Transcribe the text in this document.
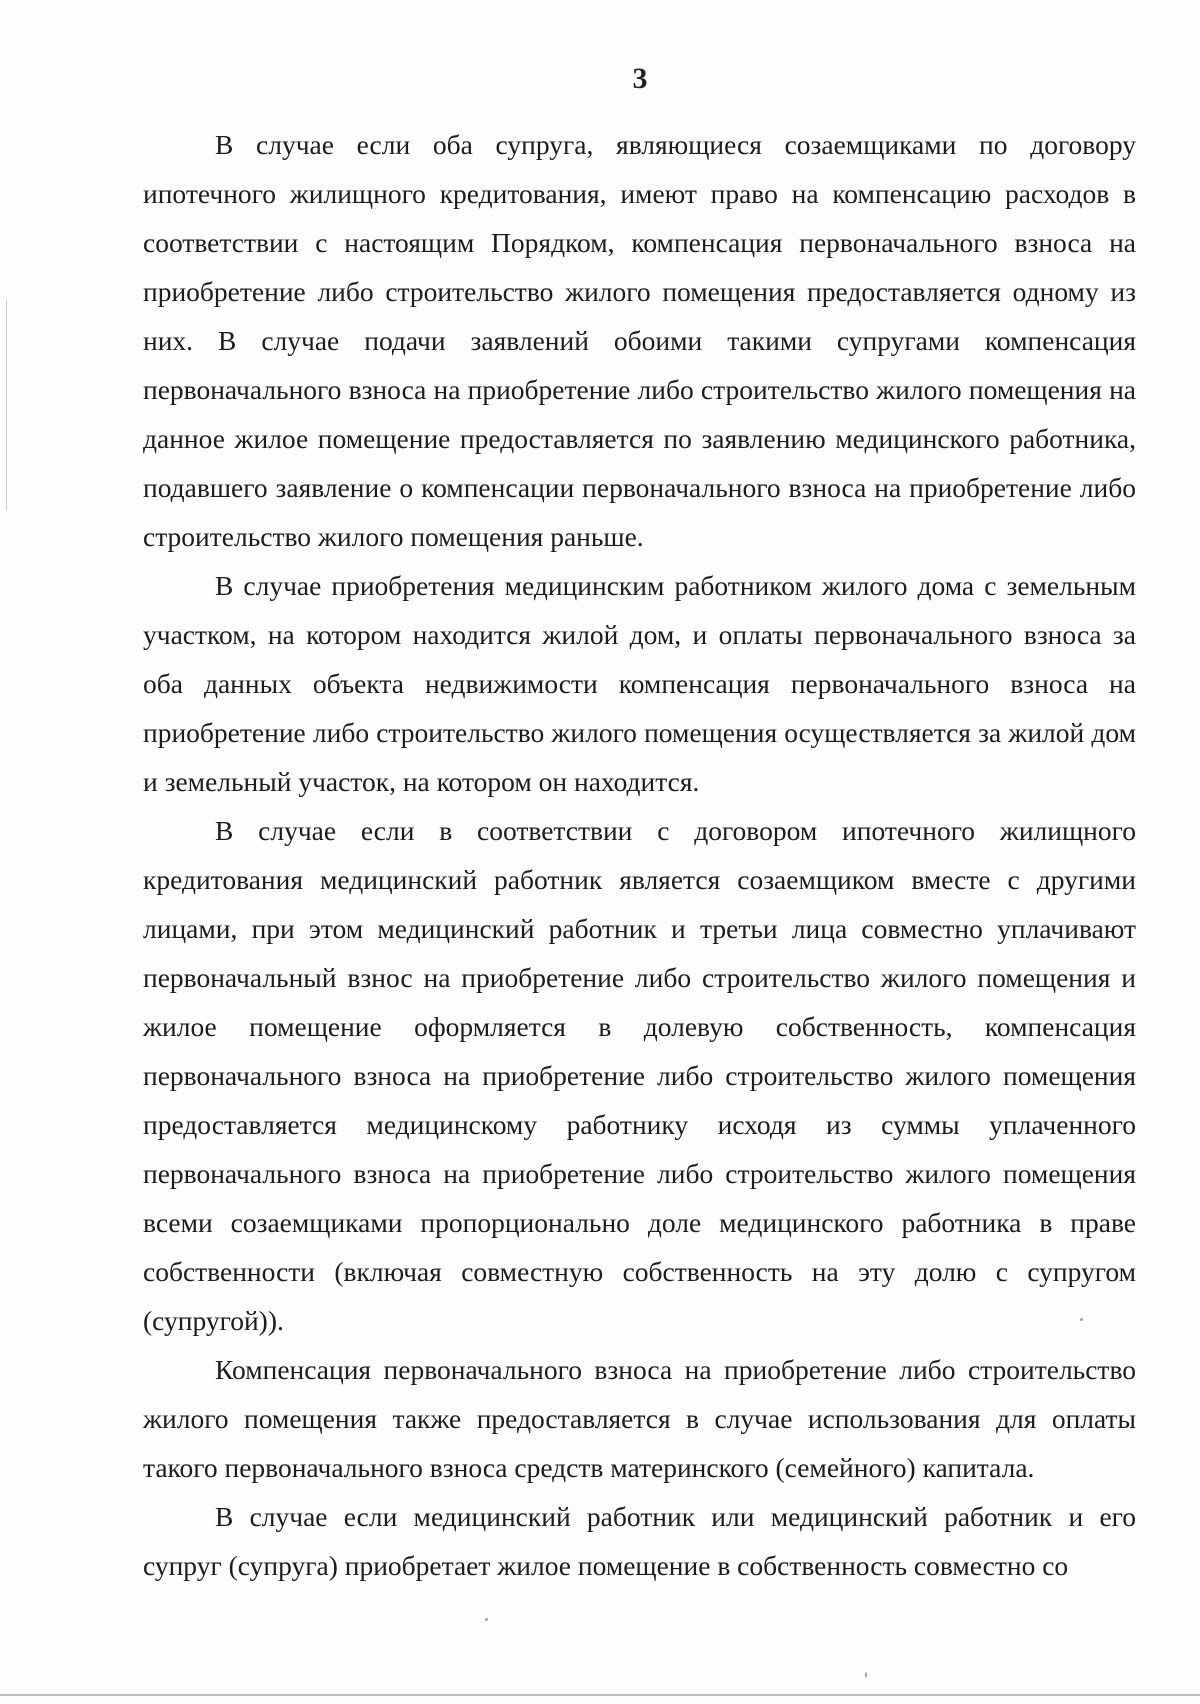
3

В случае если оба супруга, являющиеся созаемщиками по договору ипотечного жилищного кредитования, имеют право на компенсацию расходов в соответствии с настоящим Порядком, компенсация первоначального взноса на приобретение либо строительство жилого помещения предоставляется одному из них. В случае подачи заявлений обоими такими супругами компенсация первоначального взноса на приобретение либо строительство жилого помещения на данное жилое помещение предоставляется по заявлению медицинского работника, подавшего заявление о компенсации первоначального взноса на приобретение либо строительство жилого помещения раньше.

В случае приобретения медицинским работником жилого дома с земельным участком, на котором находится жилой дом, и оплаты первоначального взноса за оба данных объекта недвижимости компенсация первоначального взноса на приобретение либо строительство жилого помещения осуществляется за жилой дом и земельный участок, на котором он находится.

В случае если в соответствии с договором ипотечного жилищного кредитования медицинский работник является созаемщиком вместе с другими лицами, при этом медицинский работник и третьи лица совместно уплачивают первоначальный взнос на приобретение либо строительство жилого помещения и жилое помещение оформляется в долевую собственность, компенсация первоначального взноса на приобретение либо строительство жилого помещения предоставляется медицинскому работнику исходя из суммы уплаченного первоначального взноса на приобретение либо строительство жилого помещения всеми созаемщиками пропорционально доле медицинского работника в праве собственности (включая совместную собственность на эту долю с супругом (супругой)).

Компенсация первоначального взноса на приобретение либо строительство жилого помещения также предоставляется в случае использования для оплаты такого первоначального взноса средств материнского (семейного) капитала.

В случае если медицинский работник или медицинский работник и его супруг (супруга) приобретает жилое помещение в собственность совместно со
